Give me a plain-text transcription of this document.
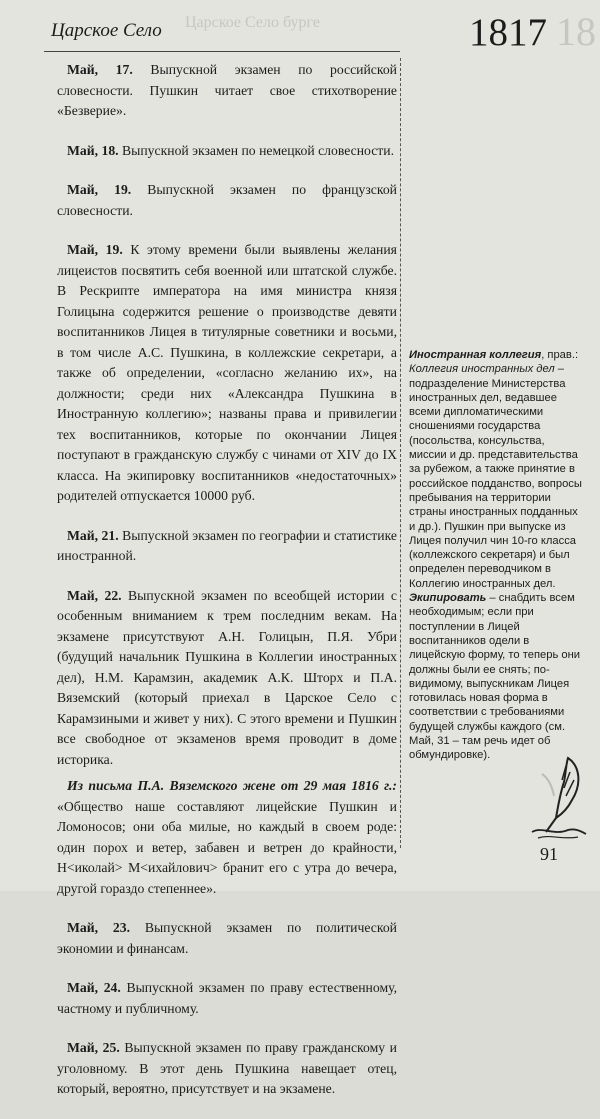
Царское Село бурге	18
Царское Село	1817

Май, 17. Выпускной экзамен по российской словесности. Пушкин читает свое стихотворение «Безверие».

Май, 18. Выпускной экзамен по немецкой словесности.

Май, 19. Выпускной экзамен по французской словесности.

Май, 19. К этому времени были выявлены желания лицеистов посвятить себя военной или штатской службе. В Рескрипте императора на имя министра князя Голицына содержится решение о производстве девяти воспитанников Лицея в титулярные советники и восьми, в том числе А.С. Пушкина, в коллежские секретари, а также об определении, «согласно желанию их», на должности; среди них «Александра Пушкина в Иностранную коллегию»; названы права и привилегии тех воспитанников, которые по окончании Лицея поступают в гражданскую службу с чинами от XIV до IX класса. На экипировку воспитанников «недостаточных» родителей отпускается 10000 руб.

Май, 21. Выпускной экзамен по географии и статистике иностранной.

Май, 22. Выпускной экзамен по всеобщей истории с особенным вниманием к трем последним векам. На экзамене присутствуют А.Н. Голицын, П.Я. Убри (будущий начальник Пушкина в Коллегии иностранных дел), Н.М. Карамзин, академик А.К. Шторх и П.А. Вяземский (который приехал в Царское Село с Карамзиными и живет у них). С этого времени и Пушкин все свободное от экзаменов время проводит в доме историка.

Из письма П.А. Вяземского жене от 29 мая 1816 г.: «Общество наше составляют лицейские Пушкин и Ломоносов; они оба милые, но каждый в своем роде: один порох и ветер, забавен и ветрен до крайности, Н<иколай> М<ихайлович> бранит его с утра до вечера, другой гораздо степеннее».

Май, 23. Выпускной экзамен по политической экономии и финансам.

Май, 24. Выпускной экзамен по праву естественному, частному и публичному.

Май, 25. Выпускной экзамен по праву гражданскому и уголовному. В этот день Пушкина навещает отец, который, вероятно, присутствует и на экзамене.

Иностранная коллегия, прав.: Коллегия иностранных дел – подразделение Министерства иностранных дел, ведавшее всеми дипломатическими сношениями государства (посольства, консульства, миссии и др. представительства за рубежом, а также принятие в российское подданство, вопросы пребывания на территории страны иностранных подданных и др.). Пушкин при выпуске из Лицея получил чин 10-го класса (коллежского секретаря) и был определен переводчиком в Коллегию иностранных дел.

Экипировать – снабдить всем необходимым; если при поступлении в Лицей воспитанников одели в лицейскую форму, то теперь они должны были ее снять; по-видимому, выпускникам Лицея готовилась новая форма в соответствии с требованиями будущей службы каждого (см. Май, 31 – там речь идет об обмундировке).

91
